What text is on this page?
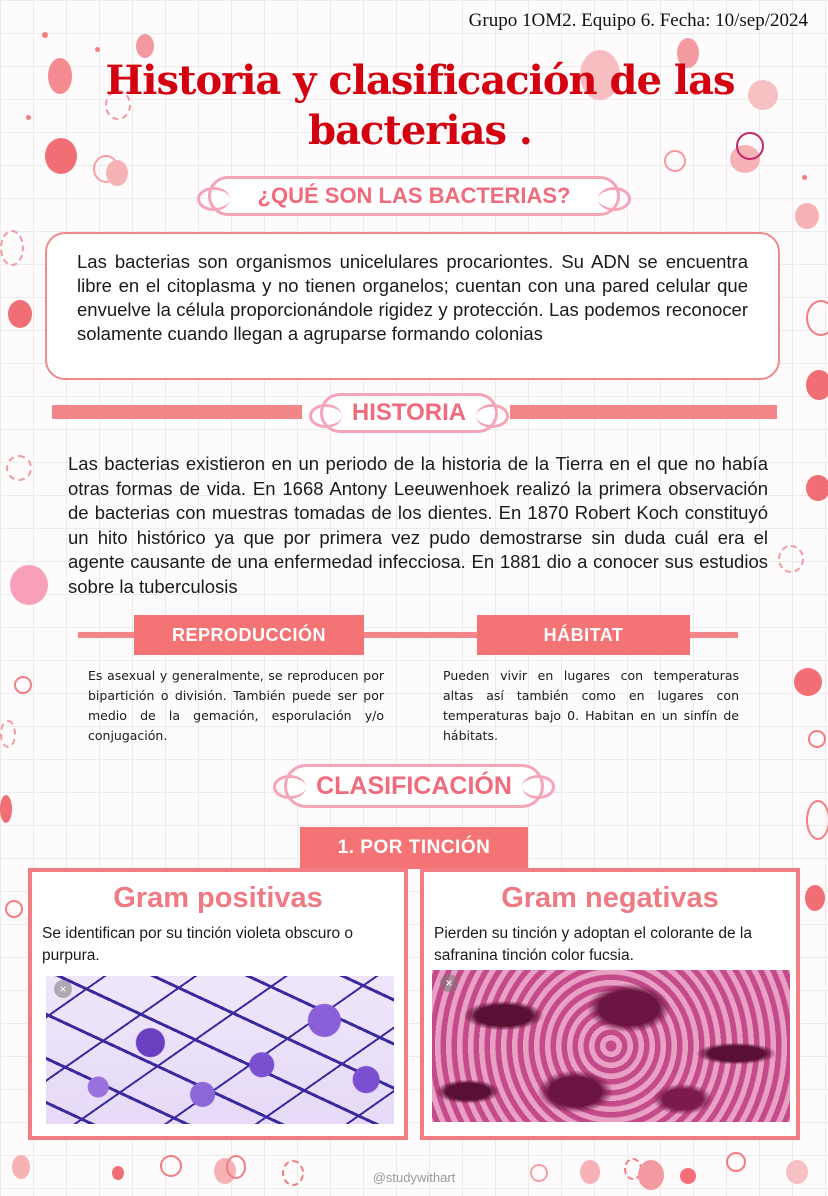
Grupo 1OM2. Equipo 6. Fecha: 10/sep/2024
Historia y clasificación de las
bacterias .
¿QUÉ SON LAS BACTERIAS?

Las bacterias son organismos unicelulares procariontes. Su ADN se encuentra libre en el citoplasma y no tienen organelos; cuentan con una pared celular que envuelve la célula proporcionándole rigidez y protección. Las podemos reconocer solamente cuando llegan a agruparse formando colonias

HISTORIA

Las bacterias existieron en un periodo de la historia de la Tierra en el que no había otras formas de vida. En 1668 Antony Leeuwenhoek realizó la primera observación de bacterias con muestras tomadas de los dientes. En 1870 Robert Koch constituyó un hito histórico ya que por primera vez pudo demostrarse sin duda cuál era el agente causante de una enfermedad infecciosa. En 1881 dio a conocer sus estudios sobre la tuberculosis

REPRODUCCIÓN	HÁBITAT

Es asexual y generalmente, se reproducen por bipartición o división. También puede ser por medio de la gemación, esporulación y/o conjugación.

Pueden vivir en lugares con temperaturas altas así también como en lugares con temperaturas bajo 0. Habitan en un sinfín de hábitats.

CLASIFICACIÓN
1. POR TINCIÓN
Gram positivas

Se identifican por su tinción violeta obscuro o purpura.

×
Gram negativas

Pierden su tinción y adoptan el colorante de la safranina tinción color fucsia.

×
@studywithart
